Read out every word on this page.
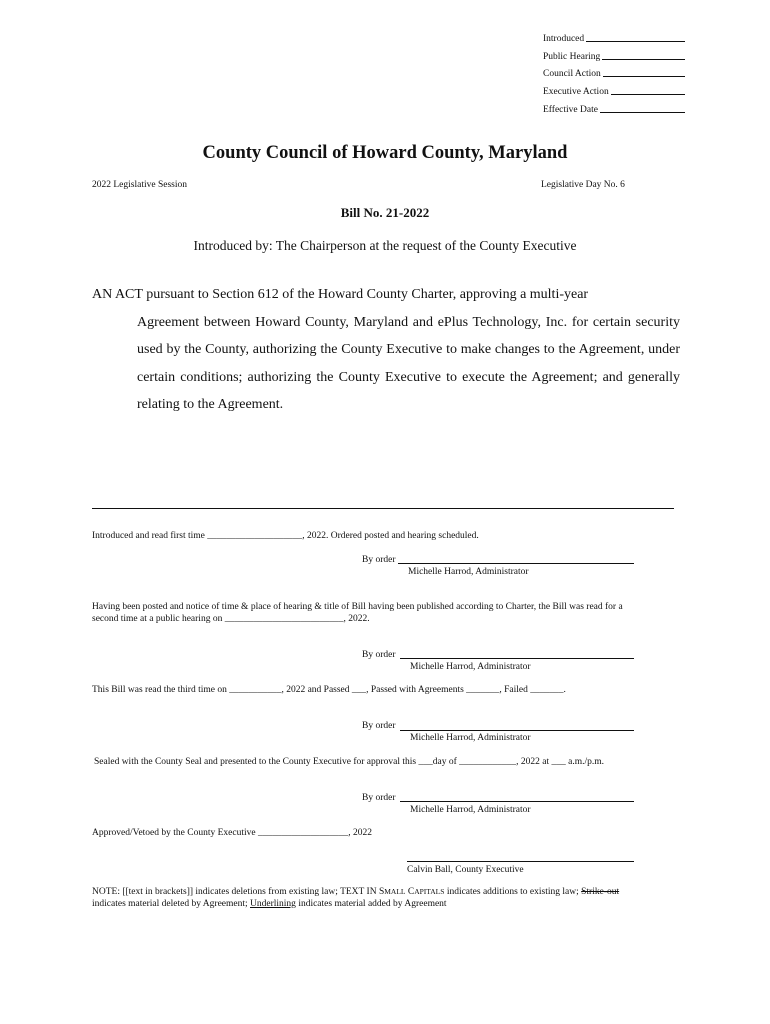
Introduced
Public Hearing
Council Action
Executive Action
Effective Date
County Council of Howard County, Maryland
2022 Legislative Session	Legislative Day No. 6
Bill No. 21-2022
Introduced by: The Chairperson at the request of the County Executive

AN ACT pursuant to Section 612 of the Howard County Charter, approving a multi-year

Agreement between Howard County, Maryland and ePlus Technology, Inc. for certain security used by the County, authorizing the County Executive to make changes to the Agreement, under certain conditions; authorizing the County Executive to execute the Agreement; and generally relating to the Agreement.

Introduced and read first time ____________________, 2022. Ordered posted and hearing scheduled.
By order
Michelle Harrod, Administrator
Having been posted and notice of time & place of hearing & title of Bill having been published according to Charter, the Bill was read for a
second time at a public hearing on _________________________, 2022.
By order
Michelle Harrod, Administrator
This Bill was read the third time on ___________, 2022 and Passed ___, Passed with Agreements _______, Failed _______.
By order
Michelle Harrod, Administrator
Sealed with the County Seal and presented to the County Executive for approval this ___day of ____________, 2022 at ___ a.m./p.m.
By order
Michelle Harrod, Administrator
Approved/Vetoed by the County Executive ___________________, 2022
Calvin Ball, County Executive
NOTE: [[text in brackets]] indicates deletions from existing law; TEXT IN SMALL CAPITALS indicates additions to existing law; Strike-out
indicates material deleted by Agreement; Underlining indicates material added by Agreement
